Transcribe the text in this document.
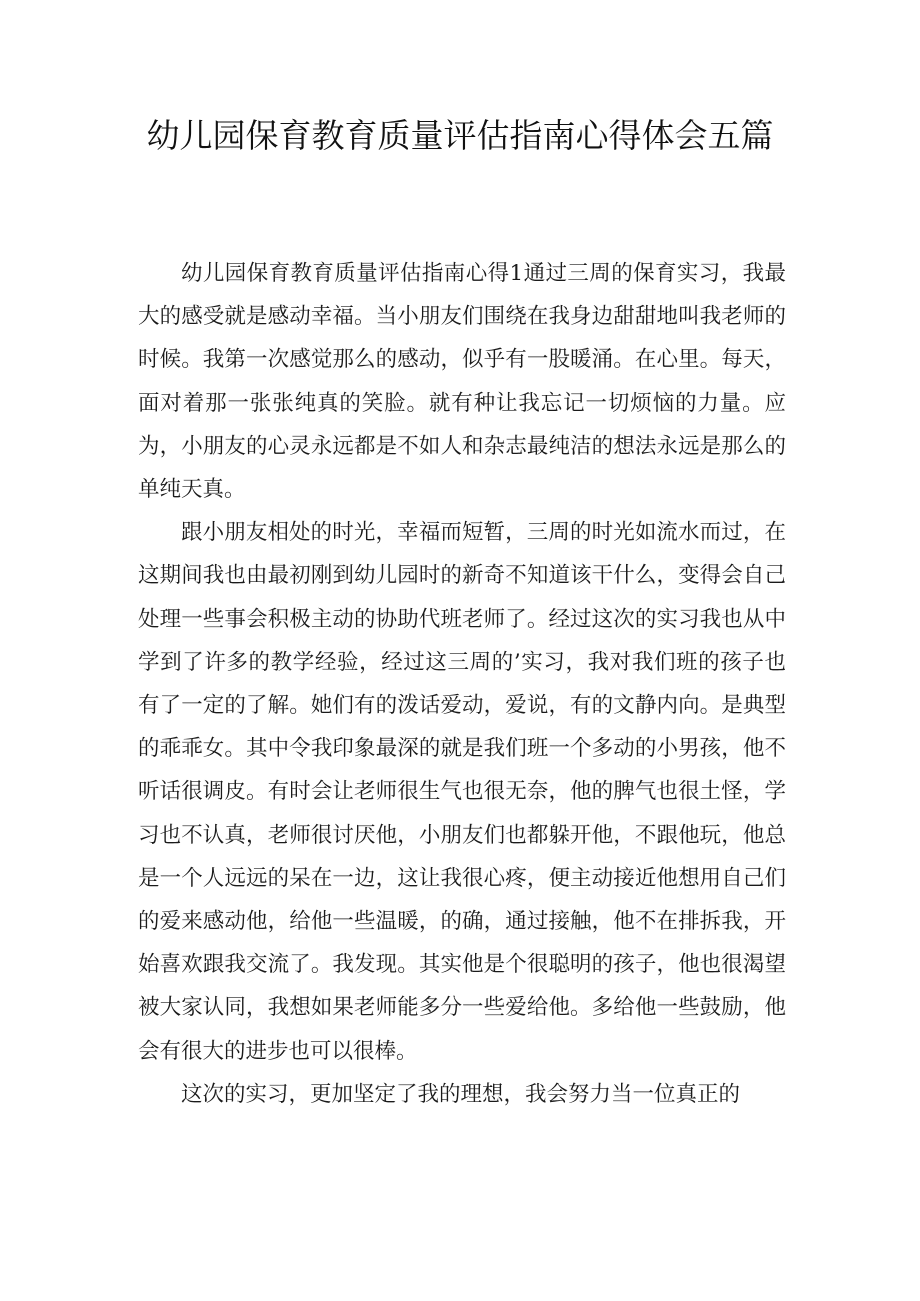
幼儿园保育教育质量评估指南心得体会五篇

幼儿园保育教育质量评估指南心得1通过三周的保育实习，我最大的感受就是感动幸福。当小朋友们围绕在我身边甜甜地叫我老师的时候。我第一次感觉那么的感动，似乎有一股暖涌。在心里。每天，面对着那一张张纯真的笑脸。就有种让我忘记一切烦恼的力量。应为，小朋友的心灵永远都是不如人和杂志最纯洁的想法永远是那么的单纯天真。

跟小朋友相处的时光，幸福而短暂，三周的时光如流水而过，在这期间我也由最初刚到幼儿园时的新奇不知道该干什么，变得会自己处理一些事会积极主动的协助代班老师了。经过这次的实习我也从中学到了许多的教学经验，经过这三周的’实习，我对我们班的孩子也有了一定的了解。她们有的泼话爱动，爱说，有的文静内向。是典型的乖乖女。其中令我印象最深的就是我们班一个多动的小男孩，他不听话很调皮。有时会让老师很生气也很无奈，他的脾气也很土怪，学习也不认真，老师很讨厌他，小朋友们也都躲开他，不跟他玩，他总是一个人远远的呆在一边，这让我很心疼，便主动接近他想用自己们的爱来感动他，给他一些温暖，的确，通过接触，他不在排拆我，开始喜欢跟我交流了。我发现。其实他是个很聪明的孩子，他也很渴望被大家认同，我想如果老师能多分一些爱给他。多给他一些鼓励，他会有很大的进步也可以很棒。

这次的实习，更加坚定了我的理想，我会努力当一位真正的
